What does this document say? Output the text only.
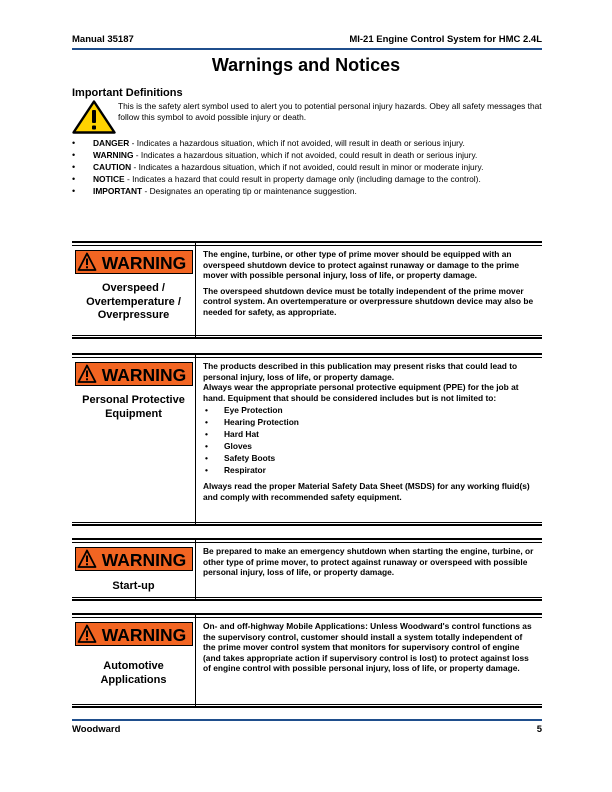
Manual 35187	MI-21 Engine Control System for HMC 2.4L
Warnings and Notices
Important Definitions
This is the safety alert symbol used to alert you to potential personal injury hazards. Obey all safety messages that follow this symbol to avoid possible injury or death.
• DANGER - Indicates a hazardous situation, which if not avoided, will result in death or serious injury.
• WARNING - Indicates a hazardous situation, which if not avoided, could result in death or serious injury.
• CAUTION - Indicates a hazardous situation, which if not avoided, could result in minor or moderate injury.
• NOTICE - Indicates a hazard that could result in property damage only (including damage to the control).
• IMPORTANT - Designates an operating tip or maintenance suggestion.
WARNING
Overspeed / Overtemperature / Overpressure

The engine, turbine, or other type of prime mover should be equipped with an overspeed shutdown device to protect against runaway or damage to the prime mover with possible personal injury, loss of life, or property damage.

The overspeed shutdown device must be totally independent of the prime mover control system. An overtemperature or overpressure shutdown device may also be needed for safety, as appropriate.

WARNING
Personal Protective Equipment

The products described in this publication may present risks that could lead to personal injury, loss of life, or property damage.

Always wear the appropriate personal protective equipment (PPE) for the job at hand. Equipment that should be considered includes but is not limited to:

• Eye Protection
• Hearing Protection
• Hard Hat
• Gloves
• Safety Boots
• Respirator

Always read the proper Material Safety Data Sheet (MSDS) for any working fluid(s) and comply with recommended safety equipment.

WARNING
Start-up

Be prepared to make an emergency shutdown when starting the engine, turbine, or other type of prime mover, to protect against runaway or overspeed with possible personal injury, loss of life, or property damage.

WARNING
Automotive Applications

On- and off-highway Mobile Applications: Unless Woodward's control functions as the supervisory control, customer should install a system totally independent of the prime mover control system that monitors for supervisory control of engine (and takes appropriate action if supervisory control is lost) to protect against loss of engine control with possible personal injury, loss of life, or property damage.

Woodward	5
